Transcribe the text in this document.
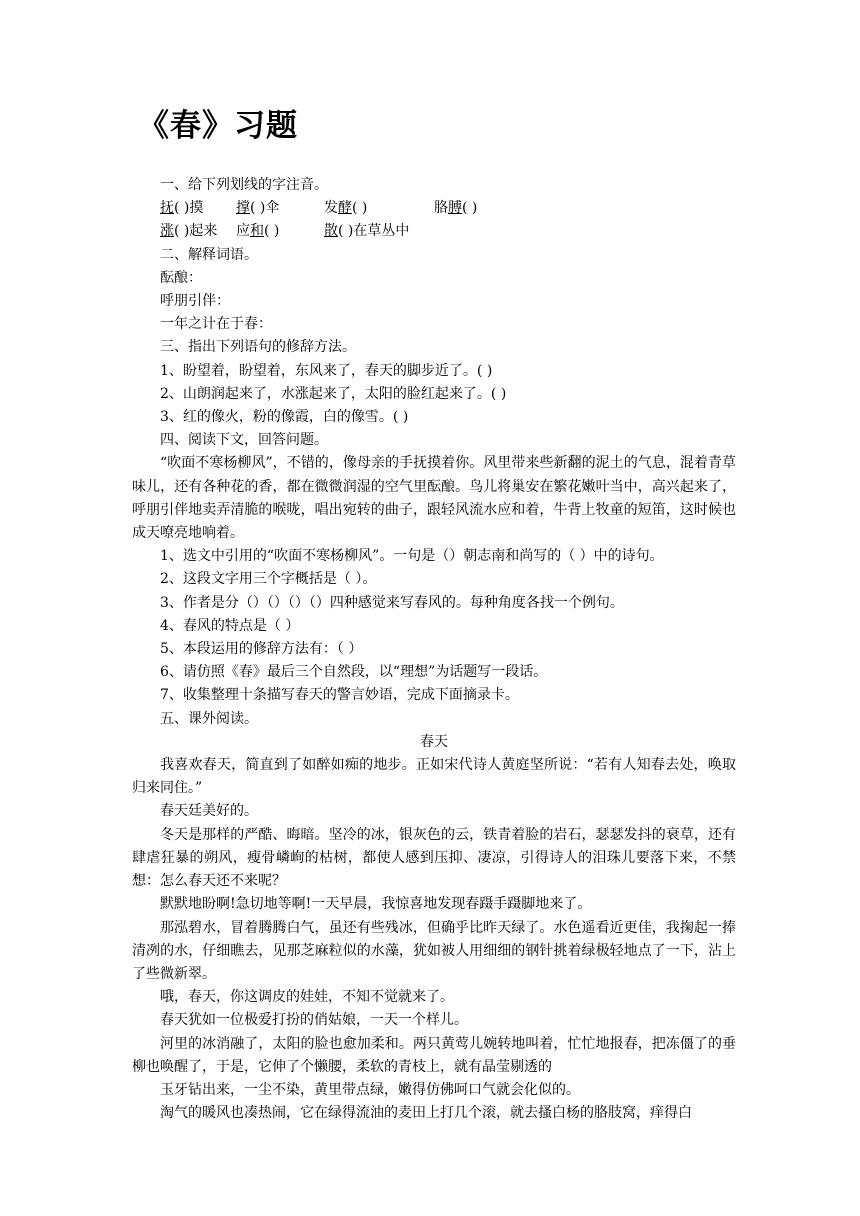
《春》习题

一、给下列划线的字注音。

抚( )摸 撑( )伞	发酵( )	胳膊( )

涨( )起来 应和( )	散( )在草丛中

二、解释词语。

酝酿：

呼朋引伴：

一年之计在于春：

三、指出下列语句的修辞方法。

1、盼望着，盼望着，东风来了，春天的脚步近了。( )

2、山朗润起来了，水涨起来了，太阳的脸红起来了。( )

3、红的像火，粉的像霞，白的像雪。( )

四、阅读下文，回答问题。

“吹面不寒杨柳风”，不错的，像母亲的手抚摸着你。风里带来些新翻的泥土的气息，混着青草味儿，还有各种花的香，都在微微润湿的空气里酝酿。鸟儿将巢安在繁花嫩叶当中，高兴起来了，呼朋引伴地卖弄清脆的喉咙，唱出宛转的曲子，跟轻风流水应和着，牛背上牧童的短笛，这时候也成天嘹亮地响着。

1、选文中引用的“吹面不寒杨柳风”。一句是（）朝志南和尚写的（ ）中的诗句。

2、这段文字用三个字概括是（ ）。

3、作者是分（）（）（）（）四种感觉来写春风的。每种角度各找一个例句。

4、春风的特点是（ ）

5、本段运用的修辞方法有：（ ）

6、请仿照《春》最后三个自然段，以“理想”为话题写一段话。

7、收集整理十条描写春天的警言妙语，完成下面摘录卡。

五、课外阅读。

春天

我喜欢春天，简直到了如醉如痴的地步。正如宋代诗人黄庭坚所说：“若有人知春去处，唤取归来同住。”

春天廷美好的。

冬天是那样的严酷、晦暗。坚冷的冰，银灰色的云，铁青着脸的岩石，瑟瑟发抖的衰草，还有肆虐狂暴的朔风，瘦骨嶙峋的枯树，都使人感到压抑、凄凉，引得诗人的泪珠儿要落下来，不禁想：怎么春天还不来呢？

默默地盼啊!急切地等啊!一天早晨，我惊喜地发现春蹑手蹑脚地来了。

那泓碧水，冒着腾腾白气，虽还有些残冰，但确乎比昨天绿了。水色遥看近更佳，我掬起一捧清冽的水，仔细瞧去，见那芝麻粒似的水藻，犹如被人用细细的钢针挑着绿极轻地点了一下，沾上了些微新翠。

哦，春天，你这调皮的娃娃，不知不觉就来了。

春天犹如一位极爱打扮的俏姑娘，一天一个样儿。

河里的冰消融了，太阳的脸也愈加柔和。两只黄莺儿婉转地叫着，忙忙地报春，把冻僵了的垂柳也唤醒了，于是，它伸了个懒腰，柔软的青枝上，就有晶莹剔透的

玉牙钻出来，一尘不染，黄里带点绿，嫩得仿佛呵口气就会化似的。

淘气的暖风也凑热闹，它在绿得流油的麦田上打几个滚，就去搔白杨的胳肢窝，痒得白
